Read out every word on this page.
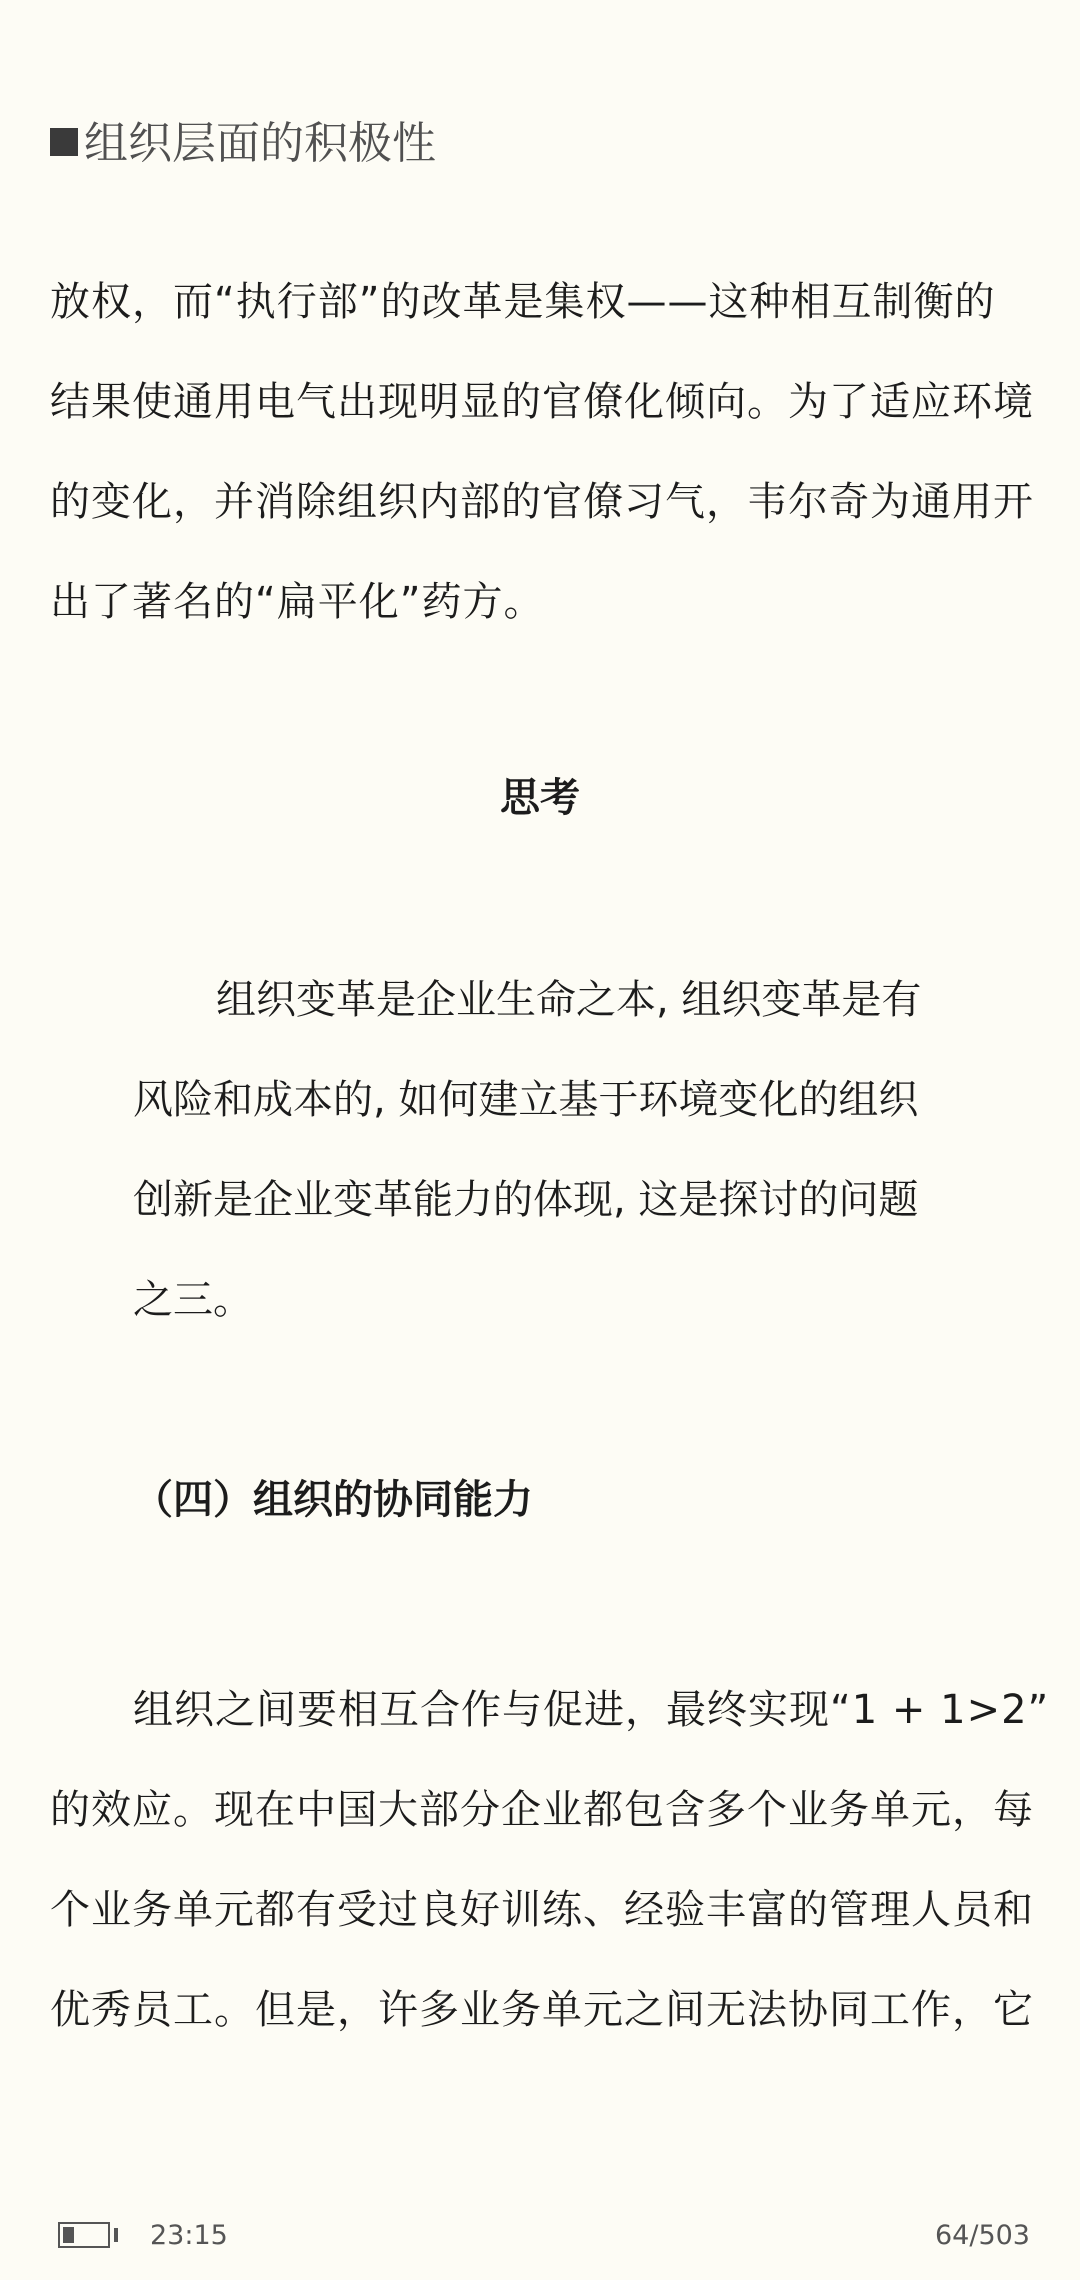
组织层面的积极性
放权，而“执行部”的改革是集权——这种相互制衡的
结果使通用电气出现明显的官僚化倾向。为了适应环境
的变化，并消除组织内部的官僚习气，韦尔奇为通用开
出了著名的“扁平化”药方。
思考
组织变革是企业生命之本, 组织变革是有
风险和成本的, 如何建立基于环境变化的组织
创新是企业变革能力的体现, 这是探讨的问题
之三。
（四）组织的协同能力
组织之间要相互合作与促进，最终实现“1 + 1>2”
的效应。现在中国大部分企业都包含多个业务单元，每
个业务单元都有受过良好训练、经验丰富的管理人员和
优秀员工。但是，许多业务单元之间无法协同工作，它
23:15	64/503
